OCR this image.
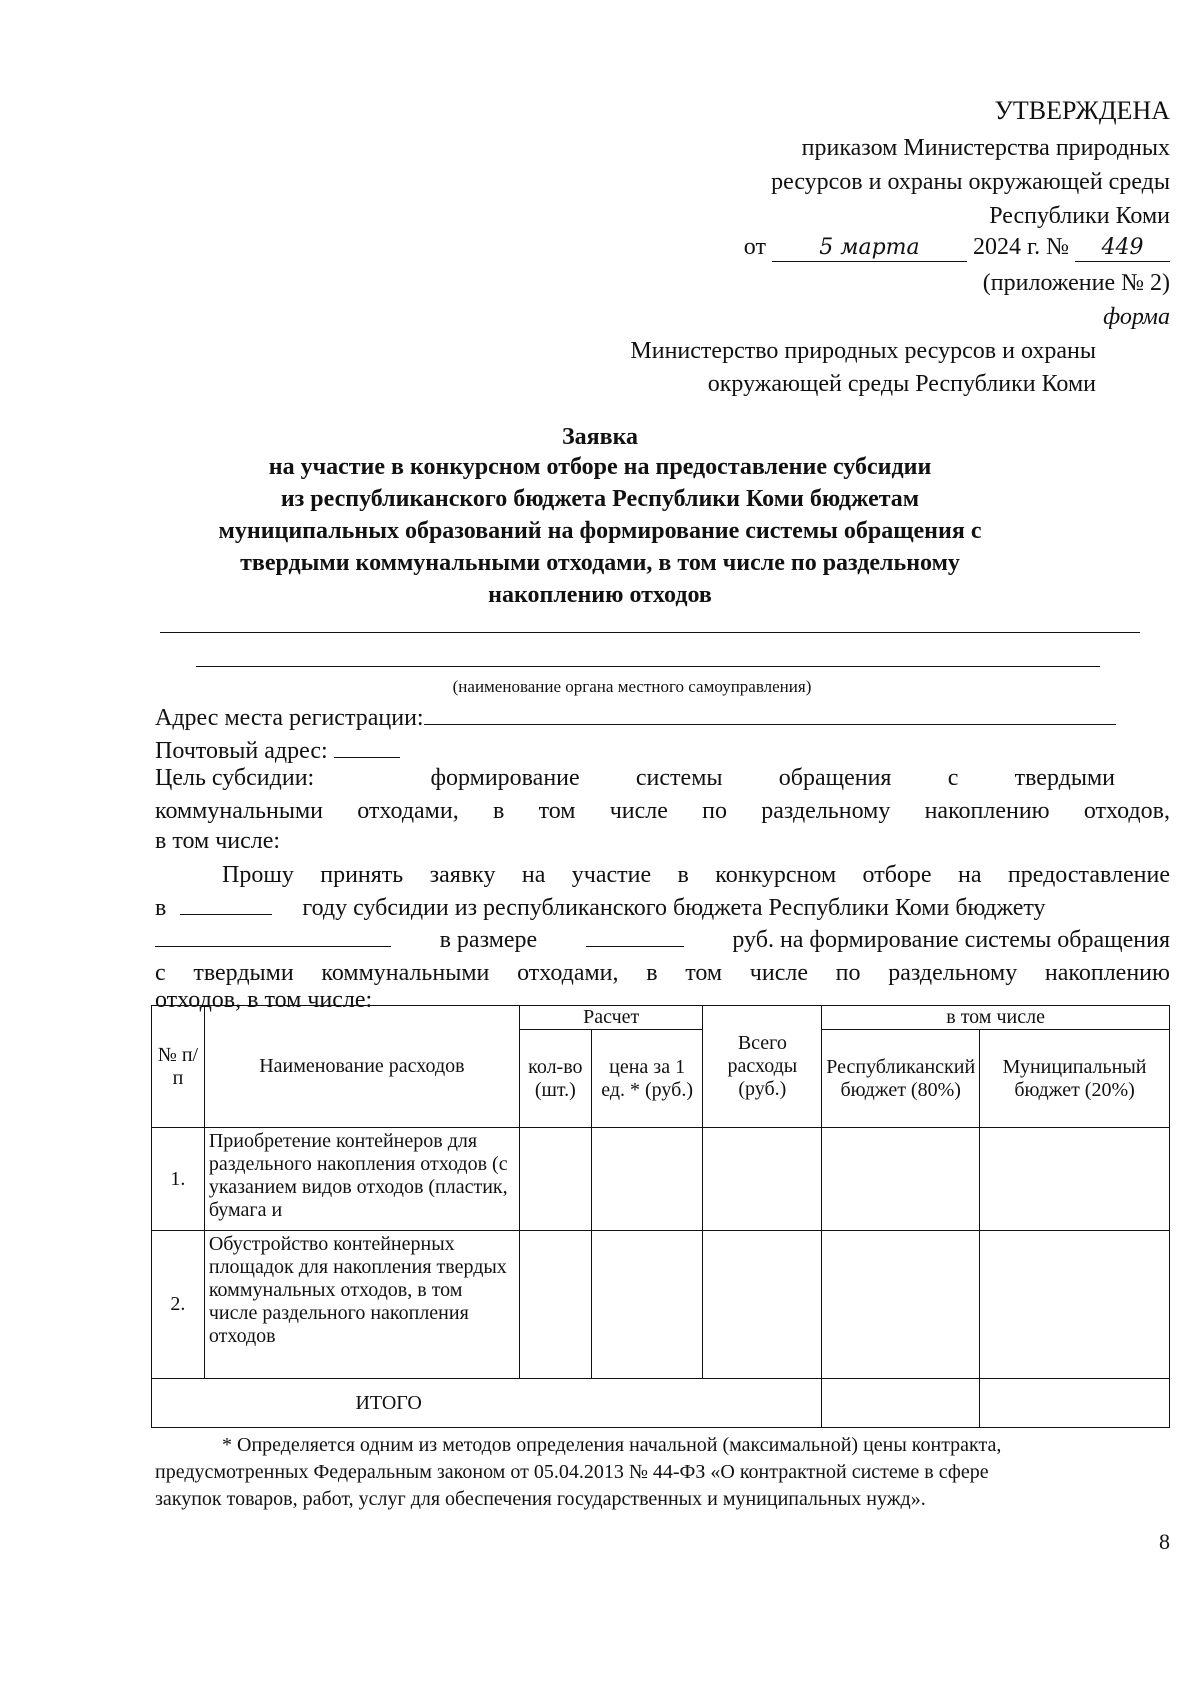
УТВЕРЖДЕНА
приказом Министерства природных
ресурсов и охраны окружающей среды
Республики Коми
от 5 марта 2024 г. № 449
(приложение № 2)
форма
Министерство природных ресурсов и охраны
окружающей среды Республики Коми
Заявка
на участие в конкурсном отборе на предоставление субсидии
из республиканского бюджета Республики Коми бюджетам
муниципальных образований на формирование системы обращения с
твердыми коммунальными отходами, в том числе по раздельному
накоплению отходов
(наименование органа местного самоуправления)
Адрес места регистрации:
Почтовый адрес:
Цель субсидии:	формирование системы обращения с твердыми
коммунальными отходами, в том числе по раздельному накоплению отходов,
в том числе:
Прошу принять заявку на участие в конкурсном отборе на предоставление
в	году субсидии из республиканского бюджета Республики Коми бюджету
в размере	руб. на формирование системы обращения
с твердыми коммунальными отходами, в том числе по раздельному накоплению
отходов, в том числе:
№ п/ п	Наименование расходов	Расчет		Всего расходы (руб.)	в том числе	
		кол-во (шт.)	цена за 1 ед. * (руб.)		Республиканский бюджет (80%)	Муниципальный бюджет (20%)
1.	Приобретение контейнеров для раздельного накопления отходов (с указанием видов отходов (пластик, бумага и					

2.	Обустройство контейнерных площадок для накопления твердых коммунальных отходов, в том числе раздельного накопления отходов					

ИТОГО						
* Определяется одним из методов определения начальной (максимальной) цены контракта,
предусмотренных Федеральным законом от 05.04.2013 № 44-ФЗ «О контрактной системе в сфере
закупок товаров, работ, услуг для обеспечения государственных и муниципальных нужд».
8
